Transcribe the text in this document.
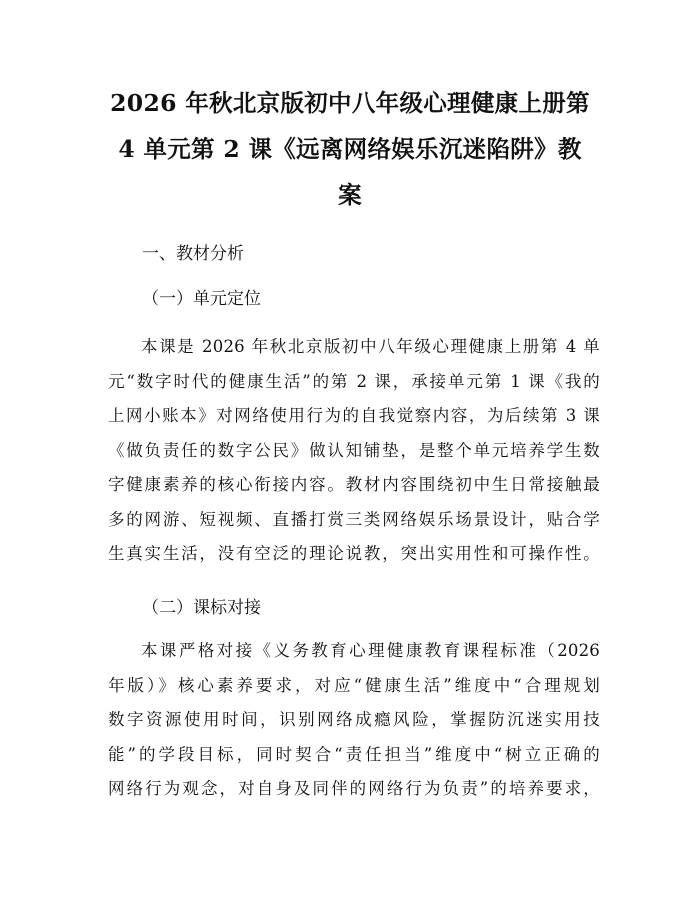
2026 年秋北京版初中八年级心理健康上册第
4 单元第 2 课《远离网络娱乐沉迷陷阱》教
案
一、教材分析
（一）单元定位
本课是 2026 年秋北京版初中八年级心理健康上册第 4 单
元“数字时代的健康生活”的第 2 课，承接单元第 1 课《我的
上网小账本》对网络使用行为的自我觉察内容，为后续第 3 课
《做负责任的数字公民》做认知铺垫，是整个单元培养学生数
字健康素养的核心衔接内容。教材内容围绕初中生日常接触最
多的网游、短视频、直播打赏三类网络娱乐场景设计，贴合学
生真实生活，没有空泛的理论说教，突出实用性和可操作性。
（二）课标对接
本课严格对接《义务教育心理健康教育课程标准（2026
年版）》核心素养要求，对应“健康生活”维度中“合理规划
数字资源使用时间，识别网络成瘾风险，掌握防沉迷实用技
能”的学段目标，同时契合“责任担当”维度中“树立正确的
网络行为观念，对自身及同伴的网络行为负责”的培养要求，
